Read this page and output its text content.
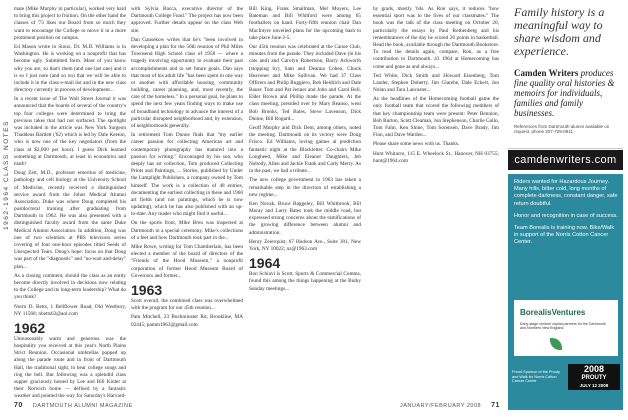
1962-1964 CLASS NOTES

mate (Mike Murphy in particular), worked very hard to bring this project to fruition. On the other hand the classes of '73 likes our Board from so much they want to encourage the College to move it in a more prominent position on campus.

Ed Mason wrote to Sioux. Dr. M.D. Williams is in Washington. He is working on a nonprofit that has become ugly. Submitted form. Most of you know why you are, so that's them (and one last one) and it is so I just note (and so on) that we will be able to include it in the class e-mail list and in the new class directory currently in process of development...

In a recent issue of The Wall Street Journal it was announced that the boards of several of the country's top four colleges were determined to bring the previous takes that had not surfaced. The spotlight was included in the article was New York Surgeon Thaddeus Bartlett ('62) which is led by Dale Keeton, who is now one of the key negotiators (from the class at $2,000 per hour). I guess Dick learned something at Dartmouth, at least in economics and math!

Doug Zeit, M.D., professor emeritus of medicine, pathology and cell biology at the University School of Medicine, recently received a distinguished service award from the Johns Medical Alumni Association. Duke was where Doug completed his postdoctoral training after graduating from Dartmouth in 1962. He was also presented with a distinguished faculty award from the same Duke Medical Alumni Association. In addition, Doug was one of two scientists at PBS television series covering of four one-hour episodes titled Seeds of Unexpected Tears. Doug's hope: focus on that Doug was part of the "diagnostic" and "no-wait and-delay" plan...

As a closing comment, should the class as an entity become directly involved in decisions now relating to the College and its long-term leadership? What do you think?

Norm D. Betts, 1 Bellflower Road, Old Westbury, NY 11568; nbetts62@aol.com

1962

Unreasonably warm and generous was the hospitality you received at this year's North Plains Strict Reunion. Occasional umbrellas popped up along the parade route and in front of Dartmouth Hall, the traditional sight, to hear college songs and ring the bell. But following was a splendid class supper graciously hosted by Lee and Bill Kinter at their Norwich home — defined by a fantastic weather and pointed the way for Saturday's Harvard-

with Sylvia Bacca, executive director of the Dartmouth College Fund." The project has now been approved. Further details appear on the class Web site.

Dan Gansekow writes that he's "been involved in developing a plan for the 50th reunion of Phil Miles Townsend High School class of 1958 — where a tragedy involving opportunity to evaluate their past accomplishments and to set future goals. Dan says that most of his adult life "has been spent in one way or another with affordable housing, community building, career planning, and, most recently, the care of the homeless." In a personal goal, he plans to spend the next few years finding ways to make use of broadband technology to advance the interest of a particular disrupted neighborhood and, by extension, of neighborhoods generally.

In retirement Tom Dunne finds that "my earlier career passion for collecting American art and contemporary photography has matured into a passion for writing." Encouraged by his son, who deeply has art collection, Tom produced Collecting Prints and Paintings, ... Stories, published by Under the Lamplight Publishers, a company owned by Tom himself. The work is a collection of 48 entries, documenting the earliest collecting in these and 1960 art fields (and not paintings, which he is now updating), which he has also published with an up-to-date. Any reader who might find it useful...

On the sports front, Mike Bren was inspected at Dartmouth in a special ceremony. Mike's collections of a feet and how Dartmouth took part in the...

Mike Rowe, writing for Tom Chamberlain, has been elected a member of the board of directors of the "Friends of the Hood Museum," a nonprofit corporation of former Hood Museum Board of Governors and former...

1963

Scott overall, the combined class was overwhelmed with the program for our 45th reunion...

Pam Mitchell, 23 Buckminster Rd, Brookline, MA 02445; pamm1963@gmail.com

Bill King, Frank Smallman, Mel Moyers, Lee Bateman and Bill Whitford were among 65 footballers on hand. Forty-fifth reunion chair Dan MacIntyre unveiled plans for the upcoming bash to take place June 2-5.

Our 45th reunion was celebrated at the Canoe Club, minutes from the parade. They included Dave (in his cats and) and Carolyn Robertson, Barry Ackworth (stopping by), Sam and Deanna Cohen, Chuck Heavener and Mike Sullivan. We had 37 Class Officers and Philip Ruggiero, Bob Heidrich and Dale Bauer. Tom and Pat Jenner and John and Carol Bell. Elder Brown and Phillip made the parade. At the class meeting, presided over by Mary Beanso, went Bob Brooks, Ted Bates, Steve Lavenson, Dick Dunne, Bill Bogard...

Geoff Murphy and Dick Dent, among others, noted the meeting. Dartmouth on its victory were Doug Frisco. Ed Williams, loving games at prediction fantastic night at the Blackletter. Co-chairs Mike Longheed, Mike and Eleanor Daughters, Jeb Nobody, Allen and Jackie Frank and Carly Merry. As in the past, we had a tribute...

The new college government in 1963 has taken a remarkable step in the direction of establishing a new regime...

Ken Novak, Bruce Baggeley, Bill Whitbrook, Bill Moray and Larry Bates took the middle road, but expressed strong concerns about the ramifications of the growing difference between alumni and administration.

Henry Zeierquist, 67 Hudson Ave., Suite 301, New York, NY 10022; nz@1963.com

1964

Ron Schiavi is Scott, Sports & Commercial Comms, found this among the things happening at the Bulky Sunday meetings...

by grads, mostly '64s. As Ron says, it reduces "how essential sport was to the lives of our classmates." The book was the talk of the class meeting on October 20, particularly the essays by Paul Rothenberg and his remembrances of the day he scored 26 points in basketball. Read the book, available through the Dartmouth Bookstore. To read the details again, compare, Ron, as a free contribution to Dartmouth. 43 1964 at Homecoming has come and gone as and always...

Ted White, Dick Smith and Howard Eisenberg, Tom Lander, Stephen Doherty, Jim Glarebe, Dale Eckert, Jon Nolan and Tara Lancaster...

As the headlines of the Homecoming football game the only football team that scored the following members of that key championship team were present: Peter Bennion, Bob Burton, Scott Cleaman, Jon Stephenson, Charlie Gallo, Tom Fahn, Ken Shine, Tom Sorensen, Dave Brady, Jim Finn, and Dave Warden...

Please share some news with us. Thanks.

Hunt Whitacre, 115 E. Wheelock St., Hanover, NH 03755; hunt@1964.com

70 DARTMOUTH ALUMNI MAGAZINE	JANUARY/FEBRUARY 2008 71
Family history is a meaningful way to share wisdom and experience.
Camden Writers produces fine quality oral histories & memoirs for individuals, families and family businesses.
References from Dartmouth alumni available on request. phone 207-729-0911
camdenwriters.com

Riders wanted for Hazardous Journey. Many hills, bitter cold, long months of complete darkness, constant danger, safe return doubtful.

Honor and recognition in case of success.

Team Borealis is training now. Bike/Walk in support of the Norris Cotton Cancer Center.

BorealisVentures
Early-stage venture capital partners for the Dartmouth and Northern New England.
Proud Sponsor of the Prouty and Walk for Norris Cotton Cancer Center
2008
PROUTY
JULY 12 2008
